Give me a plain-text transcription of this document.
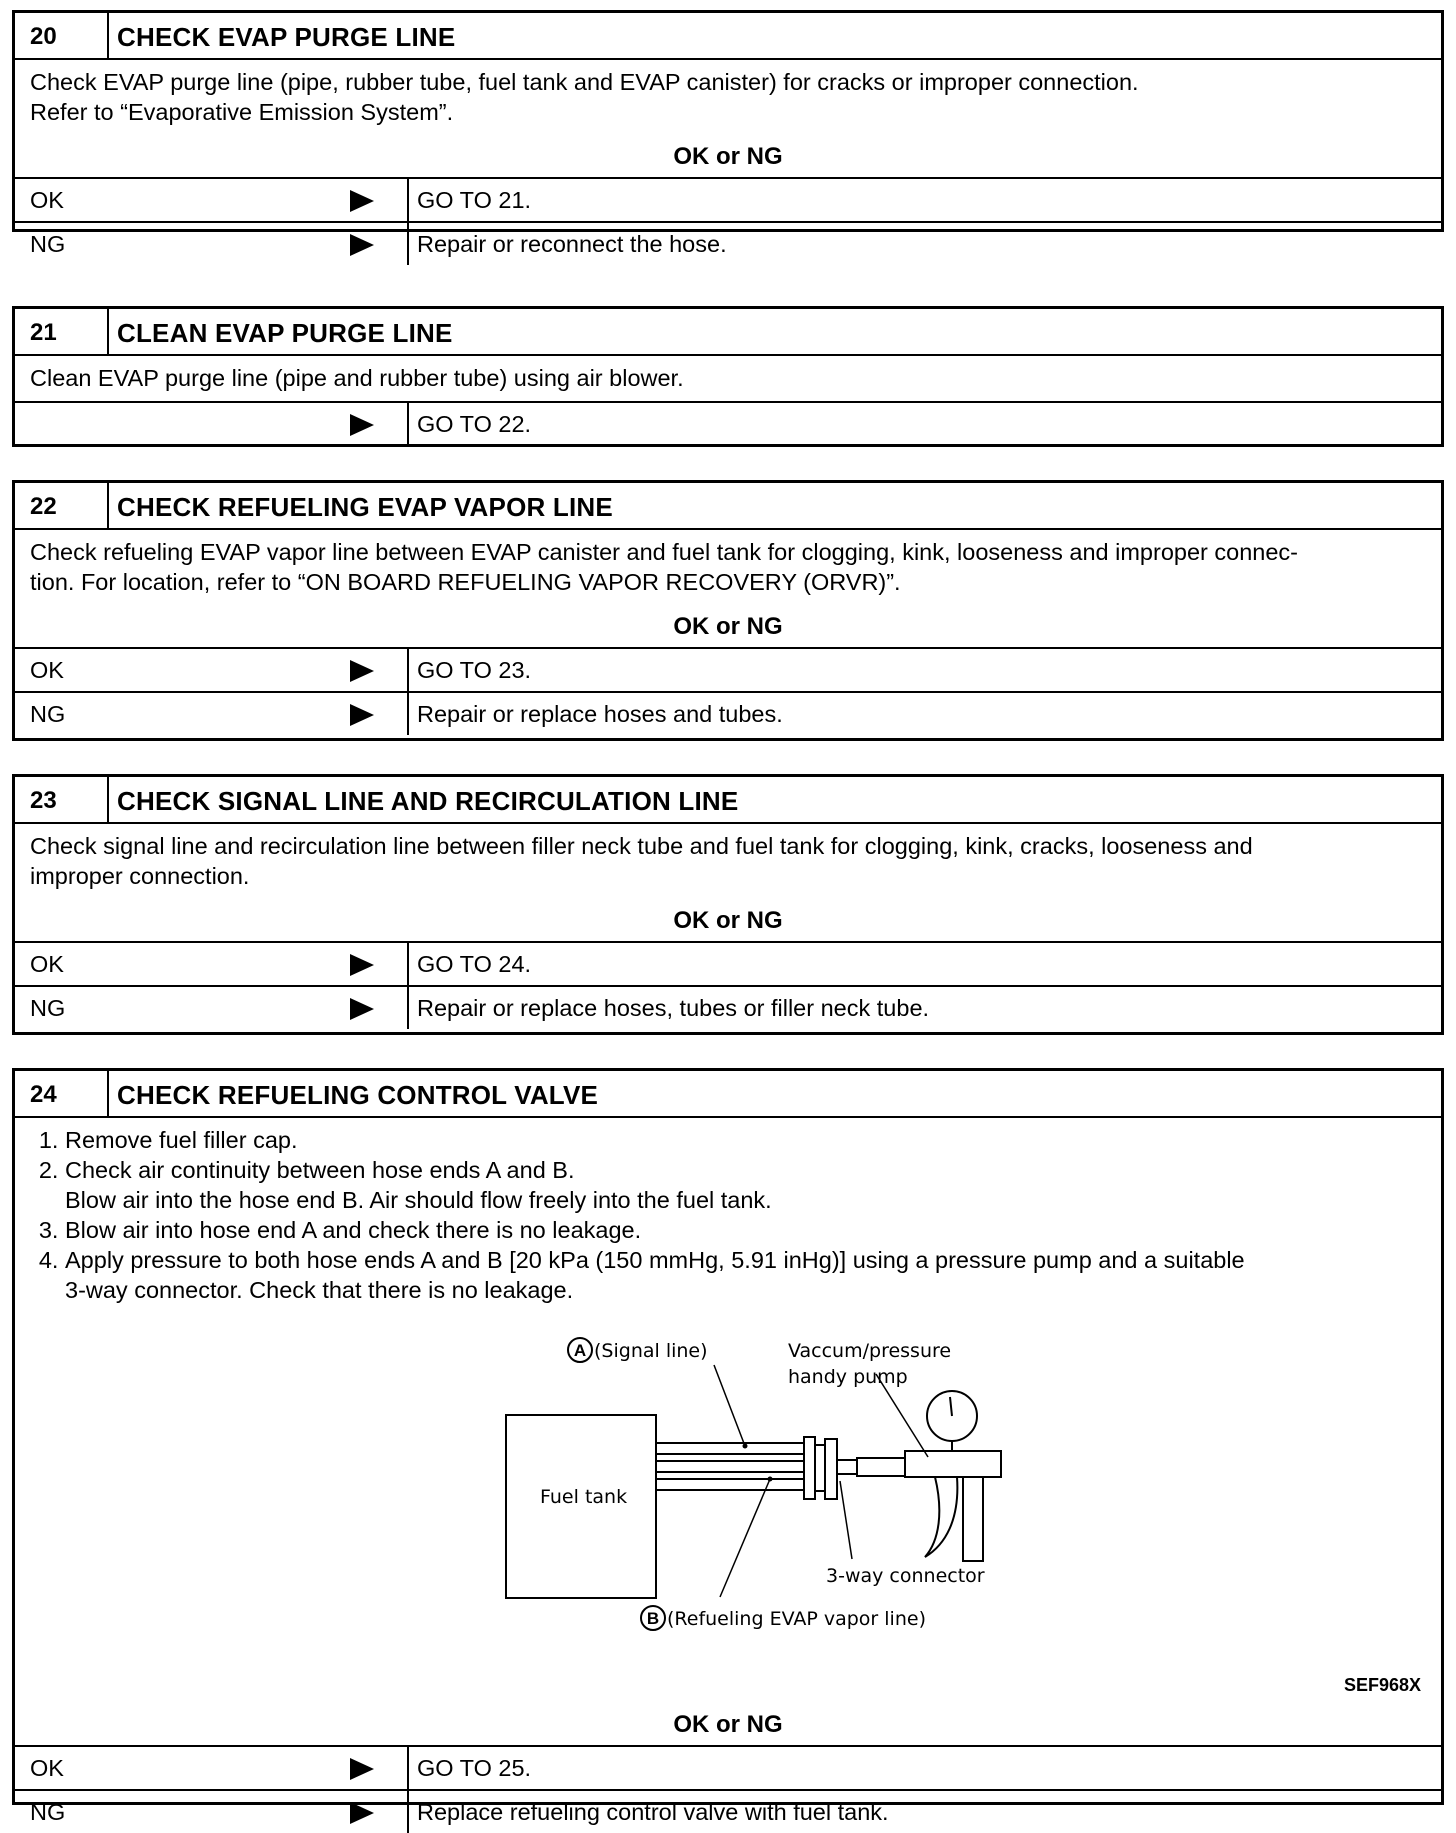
20	CHECK EVAP PURGE LINE

Check EVAP purge line (pipe, rubber tube, fuel tank and EVAP canister) for cracks or improper connection.

Refer to “Evaporative Emission System”.

OK or NG
OK	GO TO 21.
NG	Repair or reconnect the hose.
21	CLEAN EVAP PURGE LINE

Clean EVAP purge line (pipe and rubber tube) using air blower.

GO TO 22.
22	CHECK REFUELING EVAP VAPOR LINE

Check refueling EVAP vapor line between EVAP canister and fuel tank for clogging, kink, looseness and improper connec-

tion. For location, refer to “ON BOARD REFUELING VAPOR RECOVERY (ORVR)”.

OK or NG
OK	GO TO 23.
NG	Repair or replace hoses and tubes.
23	CHECK SIGNAL LINE AND RECIRCULATION LINE

Check signal line and recirculation line between filler neck tube and fuel tank for clogging, kink, cracks, looseness and

improper connection.

OK or NG
OK	GO TO 24.
NG	Repair or replace hoses, tubes or filler neck tube.
24	CHECK REFUELING CONTROL VALVE
1. Remove fuel filler cap.
2. Check air continuity between hose ends A and B.
Blow air into the hose end B. Air should flow freely into the fuel tank.
3. Blow air into hose end A and check there is no leakage.
4. Apply pressure to both hose ends A and B [20 kPa (150 mmHg, 5.91 inHg)] using a pressure pump and a suitable
3-way connector. Check that there is no leakage.
Fuel tank
A (Signal line)	Vaccum/pressure
handy pump
3-way connector
B (Refueling EVAP vapor line)
SEF968X
OK or NG
OK	GO TO 25.
NG	Replace refueling control valve with fuel tank.
